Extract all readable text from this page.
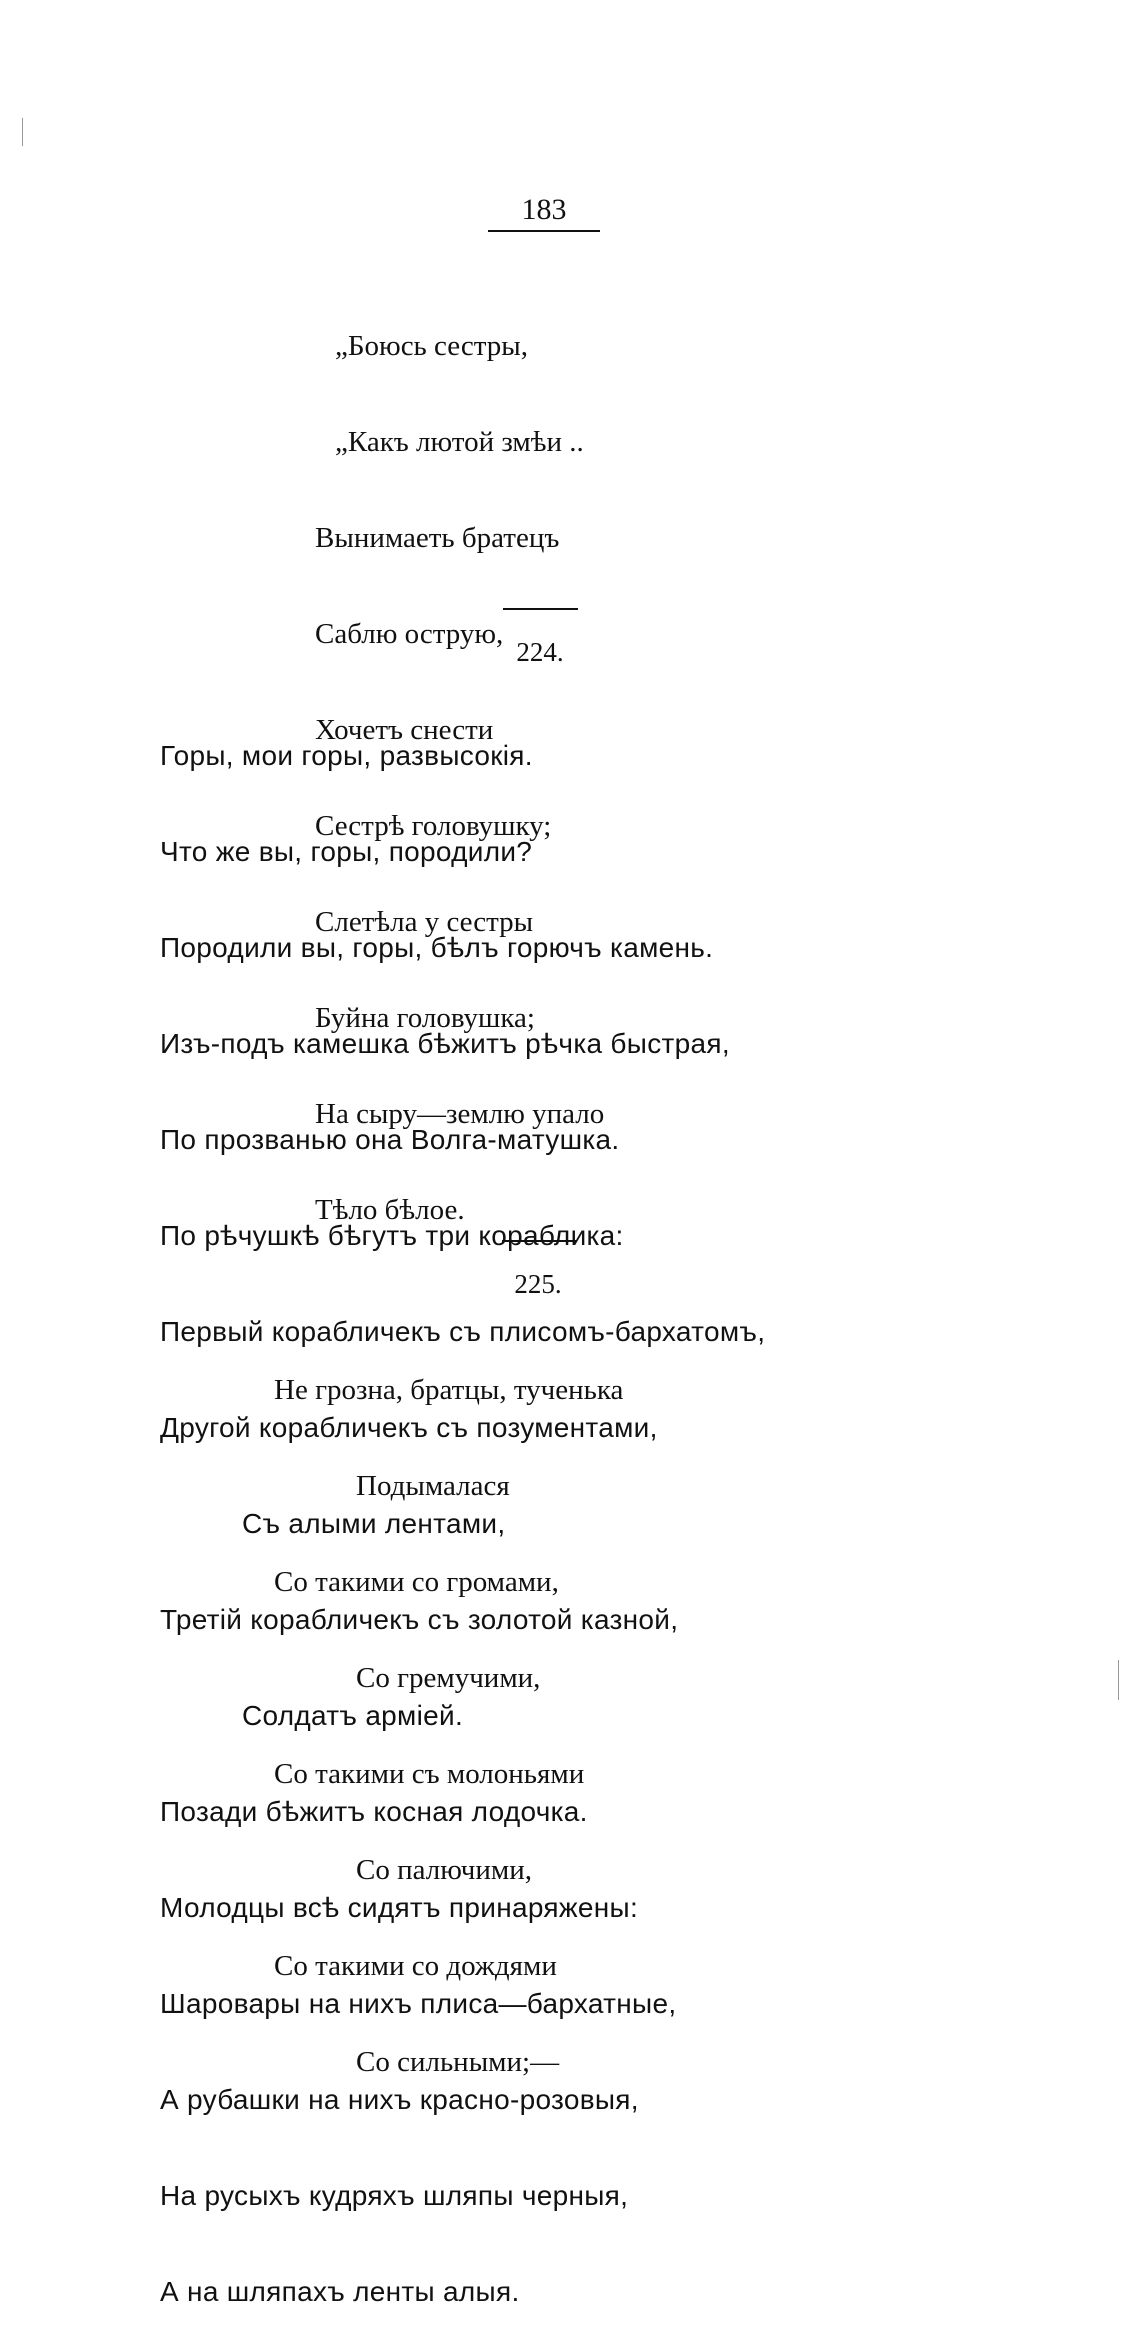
183

„Боюсь сестры,

„Какъ лютой змѣи ..

Вынимаеть братецъ

Саблю острую,

Хочетъ снести

Сестрѣ головушку;

Слетѣла у сестры

Буйна головушка;

На сыру—землю упало

Тѣло бѣлое.

224.

Горы, мои горы, развысокія.

Что же вы, горы, породили?

Породили вы, горы, бѣлъ горючъ камень.

Изъ-подъ камешка бѣжитъ рѣчка быстрая,

По прозванью она Волга-матушка.

По рѣчушкѣ бѣгутъ три кораблика:

Первый корабличекъ съ плисомъ-бархатомъ,

Другой корабличекъ съ позументами,

Съ алыми лентами,

Третій корабличекъ съ золотой казной,

Солдатъ арміей.

Позади бѣжитъ косная лодочка.

Молодцы всѣ сидятъ принаряжены:

Шаровары на нихъ плиса—бархатные,

А рубашки на нихъ красно-розовыя,

На русыхъ кудряхъ шляпы черныя,

А на шляпахъ ленты алыя.

225.

Не грозна, братцы, тученька

Подымалася

Со такими со громами,

Со гремучими,

Со такими съ молоньями

Со палючими,

Со такими со дождями

Со сильными;—
